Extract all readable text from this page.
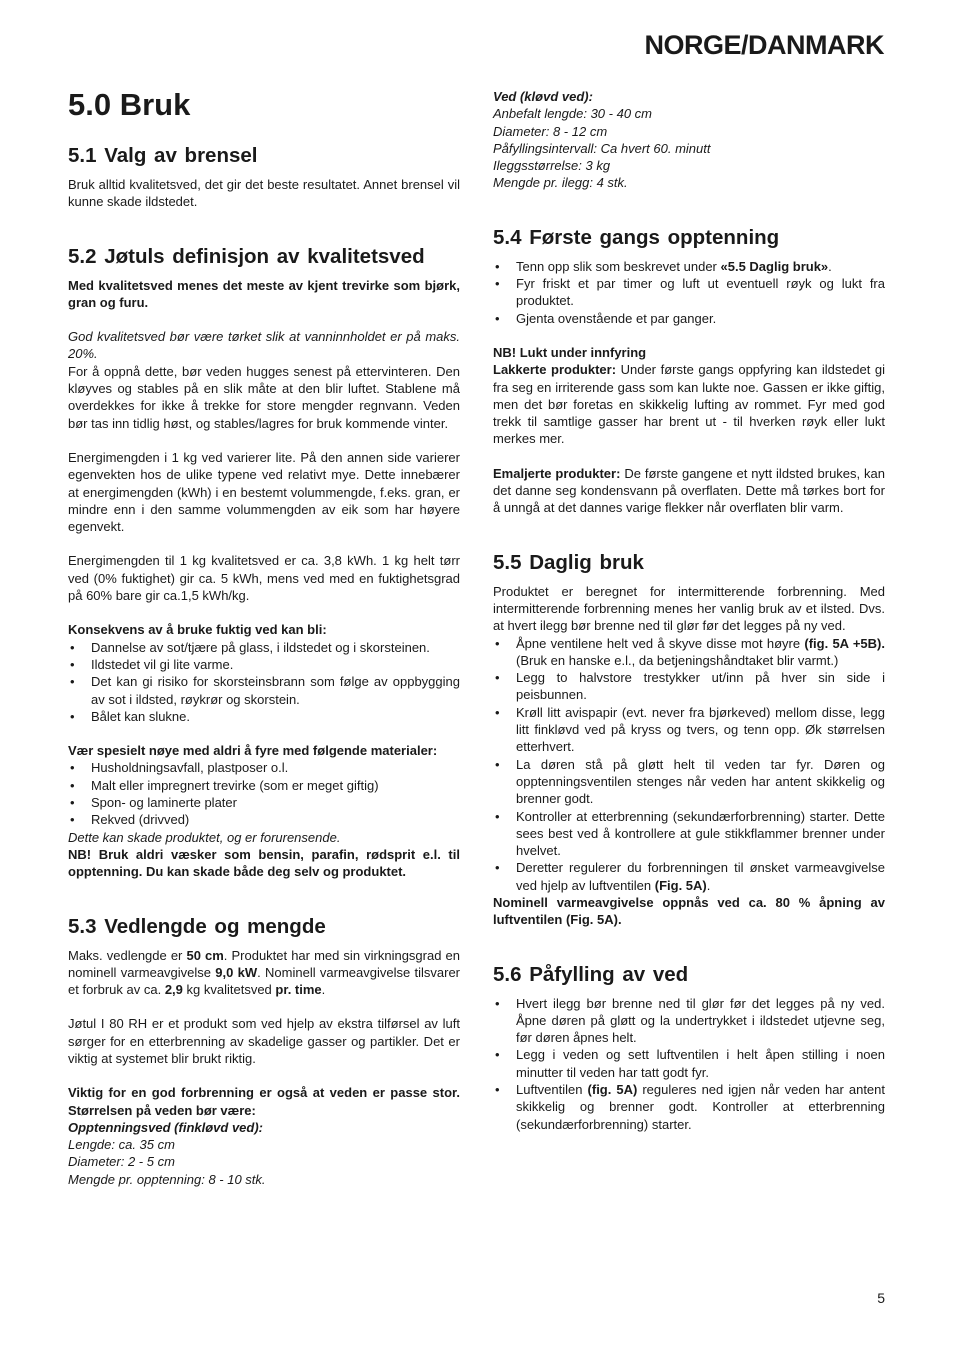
NORGE/DANMARK
5.0 Bruk
5.1 Valg av brensel

Bruk alltid kvalitetsved, det gir det beste resultatet. Annet brensel vil kunne skade ildstedet.

5.2 Jøtuls definisjon av kvalitetsved

Med kvalitetsved menes det meste av kjent trevirke som bjørk, gran og furu.

God kvalitetsved bør være tørket slik at vanninnholdet er på maks. 20%.

For å oppnå dette, bør veden hugges senest på ettervinteren. Den kløyves og stables på en slik måte at den blir luftet. Stablene må overdekkes for ikke å trekke for store mengder regnvann. Veden bør tas inn tidlig høst, og stables/lagres for bruk kommende vinter.

Energimengden i 1 kg ved varierer lite. På den annen side varierer egenvekten hos de ulike typene ved relativt mye. Dette innebærer at energimengden (kWh) i en bestemt volummengde, f.eks. gran, er mindre enn i den samme volummengden av eik som har høyere egenvekt.

Energimengden til 1 kg kvalitetsved er ca. 3,8 kWh. 1 kg helt tørr ved (0% fuktighet) gir ca. 5 kWh, mens ved med en fuktighetsgrad på 60% bare gir ca.1,5 kWh/kg.

Konsekvens av å bruke fuktig ved kan bli:

• Dannelse av sot/tjære på glass, i ildstedet og i skorsteinen.
• Ildstedet vil gi lite varme.
• Det kan gi risiko for skorsteinsbrann som følge av oppbygging av sot i ildsted, røykrør og skorstein.
• Bålet kan slukne.

Vær spesielt nøye med aldri å fyre med følgende materialer:

• Husholdningsavfall, plastposer o.l.
• Malt eller impregnert trevirke (som er meget giftig)
• Spon- og laminerte plater
• Rekved (drivved)

Dette kan skade produktet, og er forurensende.

NB! Bruk aldri væsker som bensin, parafin, rødsprit e.l. til opptenning. Du kan skade både deg selv og produktet.

5.3 Vedlengde og mengde

Maks. vedlengde er 50 cm. Produktet har med sin virkningsgrad en nominell varmeavgivelse 9,0 kW. Nominell varmeavgivelse tilsvarer et forbruk av ca. 2,9 kg kvalitetsved pr. time.

Jøtul I 80 RH er et produkt som ved hjelp av ekstra tilførsel av luft sørger for en etterbrenning av skadelige gasser og partikler. Det er viktig at systemet blir brukt riktig.

Viktig for en god forbrenning er også at veden er passe stor. Størrelsen på veden bør være:

Opptenningsved (finkløvd ved):

Lengde: ca. 35 cm

Diameter: 2 - 5 cm

Mengde pr. opptenning: 8 - 10 stk.

Ved (kløvd ved):

Anbefalt lengde: 30 - 40 cm

Diameter: 8 - 12 cm

Påfyllingsintervall: Ca hvert 60. minutt

Ileggsstørrelse: 3 kg

Mengde pr. ilegg: 4 stk.

5.4 Første gangs opptenning
• Tenn opp slik som beskrevet under «5.5 Daglig bruk».
• Fyr friskt et par timer og luft ut eventuell røyk og lukt fra produktet.
• Gjenta ovenstående et par ganger.

NB! Lukt under innfyring

Lakkerte produkter: Under første gangs oppfyring kan ildstedet gi fra seg en irriterende gass som kan lukte noe. Gassen er ikke giftig, men det bør foretas en skikkelig lufting av rommet. Fyr med god trekk til samtlige gasser har brent ut - til hverken røyk eller lukt merkes mer.

Emaljerte produkter: De første gangene et nytt ildsted brukes, kan det danne seg kondensvann på overflaten. Dette må tørkes bort for å unngå at det dannes varige flekker når overflaten blir varm.

5.5 Daglig bruk

Produktet er beregnet for intermitterende forbrenning. Med intermitterende forbrenning menes her vanlig bruk av et ilsted. Dvs. at hvert ilegg bør brenne ned til glør før det legges på ny ved.

• Åpne ventilene helt ved å skyve disse mot høyre (fig. 5A +5B). (Bruk en hanske e.l., da betjeningshåndtaket blir varmt.)
• Legg to halvstore trestykker ut/inn på hver sin side i peisbunnen.
• Krøll litt avispapir (evt. never fra bjørkeved) mellom disse, legg litt finkløvd ved på kryss og tvers, og tenn opp. Øk størrelsen etterhvert.
• La døren stå på gløtt helt til veden tar fyr. Døren og opptenningsventilen stenges når veden har antent skikkelig og brenner godt.
• Kontroller at etterbrenning (sekundærforbrenning) starter. Dette sees best ved å kontrollere at gule stikkflammer brenner under hvelvet.
• Deretter regulerer du forbrenningen til ønsket varmeavgivelse ved hjelp av luftventilen (Fig. 5A).

Nominell varmeavgivelse oppnås ved ca. 80 % åpning av luftventilen (Fig. 5A).

5.6 Påfylling av ved
• Hvert ilegg bør brenne ned til glør før det legges på ny ved. Åpne døren på gløtt og la undertrykket i ildstedet utjevne seg, før døren åpnes helt.
• Legg i veden og sett luftventilen i helt åpen stilling i noen minutter til veden har tatt godt fyr.
• Luftventilen (fig. 5A) reguleres ned igjen når veden har antent skikkelig og brenner godt. Kontroller at etterbrenning (sekundærforbrenning) starter.
5
